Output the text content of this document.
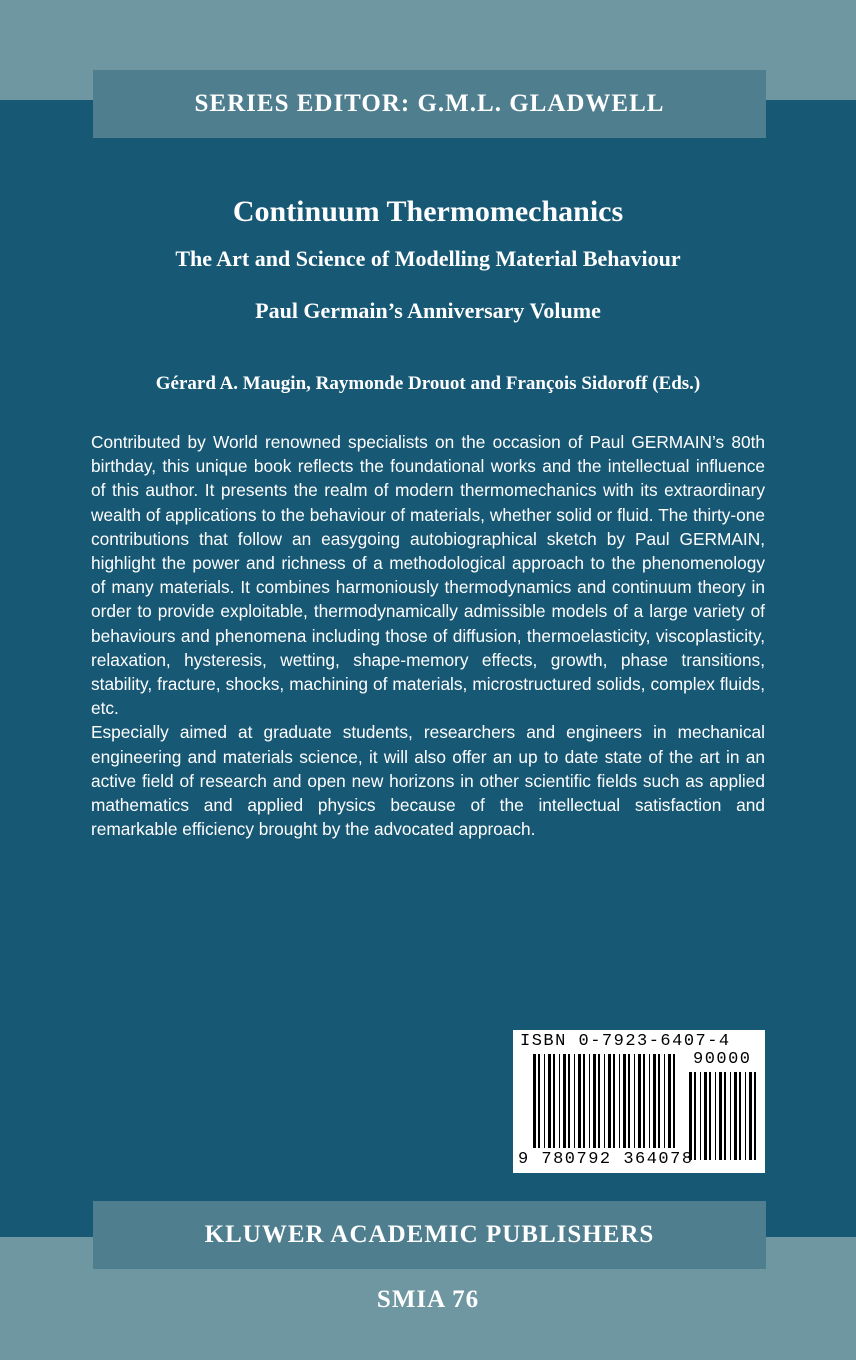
SERIES EDITOR: G.M.L. GLADWELL
Continuum Thermomechanics
The Art and Science of Modelling Material Behaviour
Paul Germain’s Anniversary Volume
Gérard A. Maugin, Raymonde Drouot and François Sidoroff (Eds.)

Contributed by World renowned specialists on the occasion of Paul GERMAIN’s 80th birthday, this unique book reflects the foundational works and the intellectual influence of this author. It presents the realm of modern thermomechanics with its extraordinary wealth of applications to the behaviour of materials, whether solid or fluid. The thirty-one contributions that follow an easygoing autobiographical sketch by Paul GERMAIN, highlight the power and richness of a methodological approach to the phenomenology of many materials. It combines harmoniously thermodynamics and continuum theory in order to provide exploitable, thermodynamically admissible models of a large variety of behaviours and phenomena including those of diffusion, thermoelasticity, viscoplasticity, relaxation, hysteresis, wetting, shape-memory effects, growth, phase transitions, stability, fracture, shocks, machining of materials, microstructured solids, complex fluids, etc.

Especially aimed at graduate students, researchers and engineers in mechanical engineering and materials science, it will also offer an up to date state of the art in an active field of research and open new horizons in other scientific fields such as applied mathematics and applied physics because of the intellectual satisfaction and remarkable efficiency brought by the advocated approach.

ISBN 0-7923-6407-4
90000
9 780792 364078
KLUWER ACADEMIC PUBLISHERS
SMIA 76
